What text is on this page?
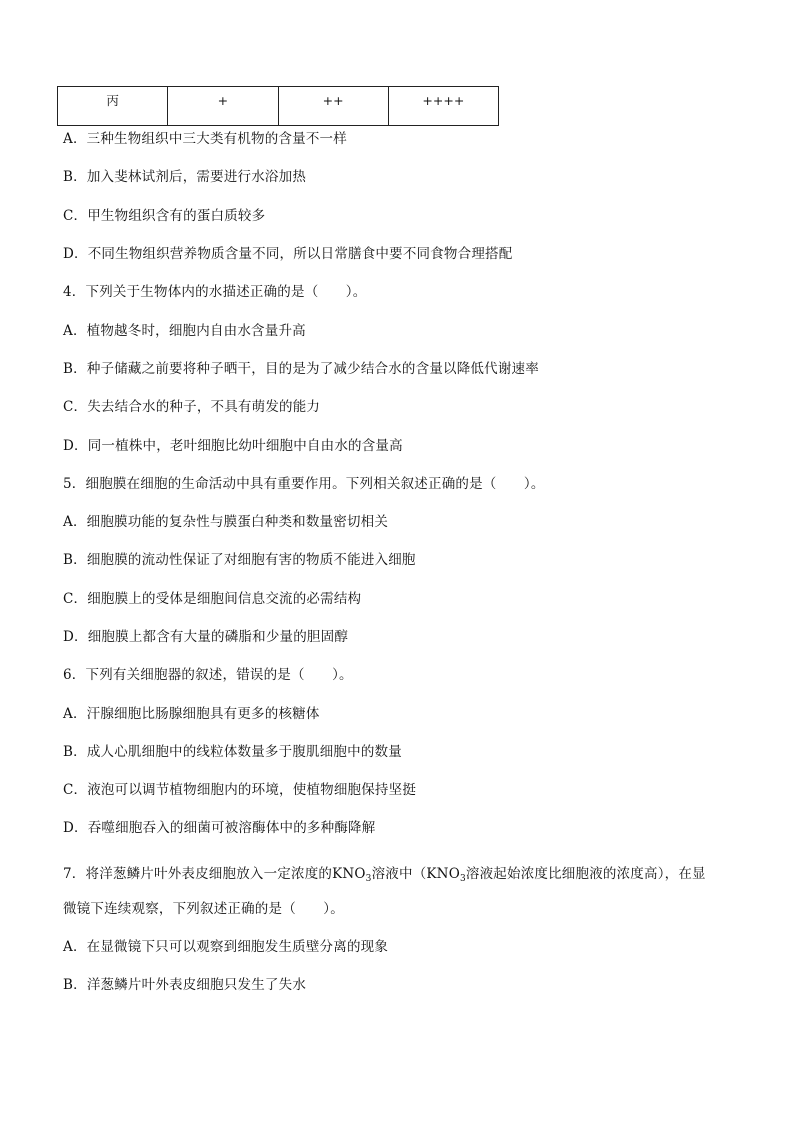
丙	+	++	++++
A．三种生物组织中三大类有机物的含量不一样
B．加入斐林试剂后，需要进行水浴加热
C．甲生物组织含有的蛋白质较多
D．不同生物组织营养物质含量不同，所以日常膳食中要不同食物合理搭配
4．下列关于生物体内的水描述正确的是（　　）。
A．植物越冬时，细胞内自由水含量升高
B．种子储藏之前要将种子晒干，目的是为了减少结合水的含量以降低代谢速率
C．失去结合水的种子，不具有萌发的能力
D．同一植株中，老叶细胞比幼叶细胞中自由水的含量高
5．细胞膜在细胞的生命活动中具有重要作用。下列相关叙述正确的是（　　）。
A．细胞膜功能的复杂性与膜蛋白种类和数量密切相关
B．细胞膜的流动性保证了对细胞有害的物质不能进入细胞
C．细胞膜上的受体是细胞间信息交流的必需结构
D．细胞膜上都含有大量的磷脂和少量的胆固醇
6．下列有关细胞器的叙述，错误的是（　　）。
A．汗腺细胞比肠腺细胞具有更多的核糖体
B．成人心肌细胞中的线粒体数量多于腹肌细胞中的数量
C．液泡可以调节植物细胞内的环境，使植物细胞保持坚挺
D．吞噬细胞吞入的细菌可被溶酶体中的多种酶降解
7．将洋葱鳞片叶外表皮细胞放入一定浓度的$KNO_3$溶液中（$KNO_3$溶液起始浓度比细胞液的浓度高），在显
微镜下连续观察，下列叙述正确的是（　　）。
A．在显微镜下只可以观察到细胞发生质壁分离的现象
B．洋葱鳞片叶外表皮细胞只发生了失水
